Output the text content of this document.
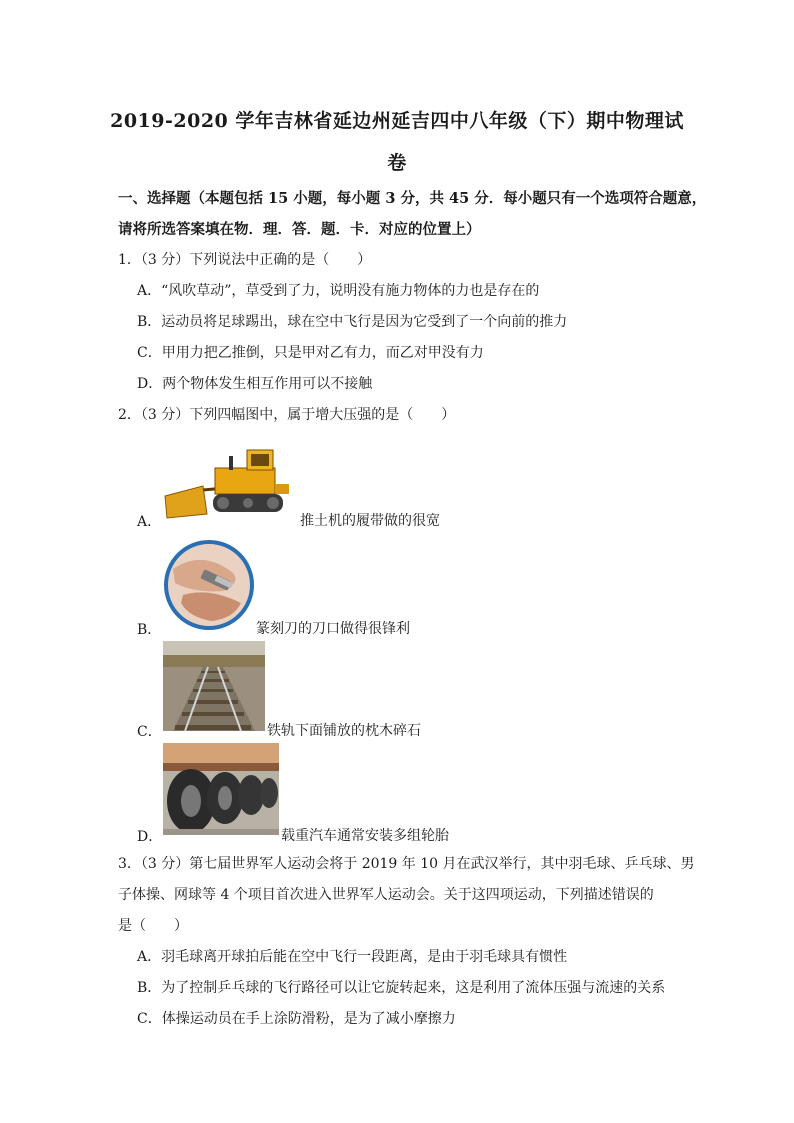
2019-2020 学年吉林省延边州延吉四中八年级（下）期中物理试
卷
一、选择题（本题包括 15 小题，每小题 3 分，共 45 分．每小题只有一个选项符合题意，
请将所选答案填在物．理．答．题．卡．对应的位置上）
1．（3 分）下列说法中正确的是（　　）
A．“风吹草动”，草受到了力，说明没有施力物体的力也是存在的
B．运动员将足球踢出，球在空中飞行是因为它受到了一个向前的推力
C．甲用力把乙推倒，只是甲对乙有力，而乙对甲没有力
D．两个物体发生相互作用可以不接触
2．（3 分）下列四幅图中，属于增大压强的是（　　）
A．	推土机的履带做的很宽
B．	篆刻刀的刀口做得很锋利
C．	铁轨下面铺放的枕木碎石
D．	载重汽车通常安装多组轮胎
3．（3 分）第七届世界军人运动会将于 2019 年 10 月在武汉举行，其中羽毛球、乒乓球、男
子体操、网球等 4 个项目首次进入世界军人运动会。关于这四项运动，下列描述错误的
是（　　）
A．羽毛球离开球拍后能在空中飞行一段距离，是由于羽毛球具有惯性
B．为了控制乒乓球的飞行路径可以让它旋转起来，这是利用了流体压强与流速的关系
C．体操运动员在手上涂防滑粉，是为了减小摩擦力
